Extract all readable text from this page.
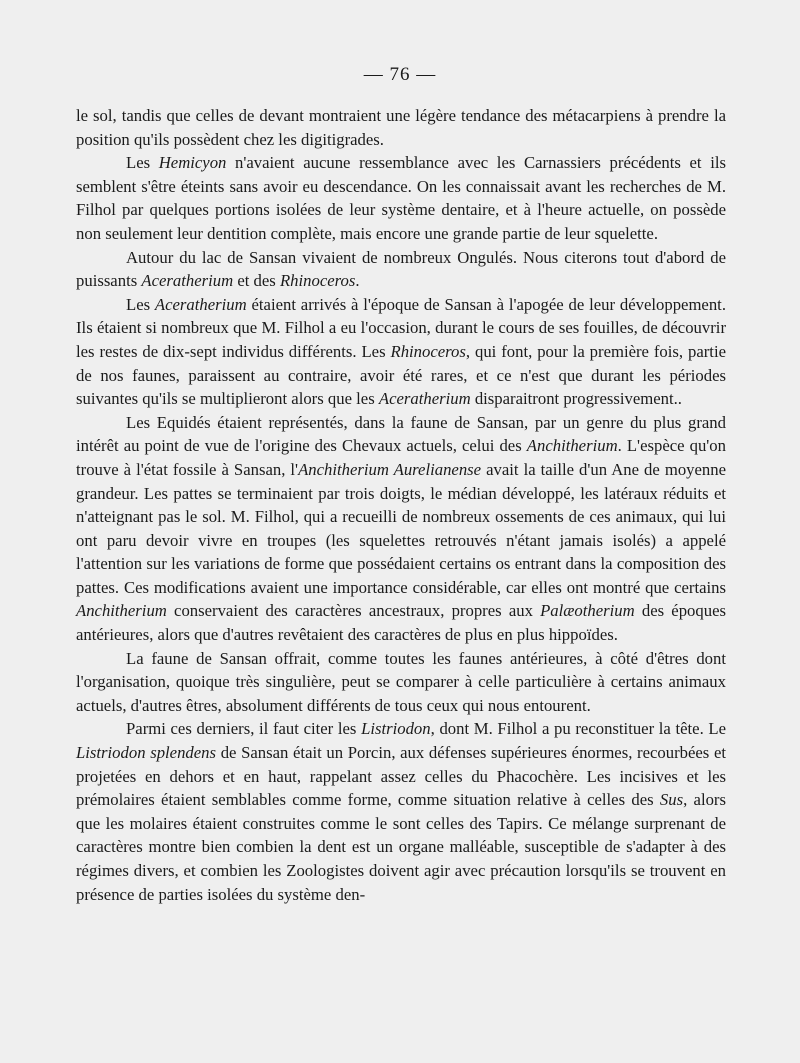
— 76 —

le sol, tandis que celles de devant montraient une légère tendance des métacarpiens à prendre la position qu'ils possèdent chez les digitigrades.

Les Hemicyon n'avaient aucune ressemblance avec les Carnassiers précédents et ils semblent s'être éteints sans avoir eu descendance. On les connaissait avant les recherches de M. Filhol par quelques portions isolées de leur système dentaire, et à l'heure actuelle, on possède non seulement leur dentition complète, mais encore une grande partie de leur squelette.

Autour du lac de Sansan vivaient de nombreux Ongulés. Nous citerons tout d'abord de puissants Aceratherium et des Rhinoceros.

Les Aceratherium étaient arrivés à l'époque de Sansan à l'apogée de leur développement. Ils étaient si nombreux que M. Filhol a eu l'occasion, durant le cours de ses fouilles, de découvrir les restes de dix-sept individus différents. Les Rhinoceros, qui font, pour la première fois, partie de nos faunes, paraissent au contraire, avoir été rares, et ce n'est que durant les périodes suivantes qu'ils se multiplieront alors que les Aceratherium disparaitront progressivement..

Les Equidés étaient représentés, dans la faune de Sansan, par un genre du plus grand intérêt au point de vue de l'origine des Chevaux actuels, celui des Anchitherium. L'espèce qu'on trouve à l'état fossile à Sansan, l'Anchitherium Aurelianense avait la taille d'un Ane de moyenne grandeur. Les pattes se terminaient par trois doigts, le médian développé, les latéraux réduits et n'atteignant pas le sol. M. Filhol, qui a recueilli de nombreux ossements de ces animaux, qui lui ont paru devoir vivre en troupes (les squelettes retrouvés n'étant jamais isolés) a appelé l'attention sur les variations de forme que possédaient certains os entrant dans la composition des pattes. Ces modifications avaient une importance considérable, car elles ont montré que certains Anchitherium conservaient des caractères ancestraux, propres aux Palæotherium des époques antérieures, alors que d'autres revêtaient des caractères de plus en plus hippoïdes.

La faune de Sansan offrait, comme toutes les faunes antérieures, à côté d'êtres dont l'organisation, quoique très singulière, peut se comparer à celle particulière à certains animaux actuels, d'autres êtres, absolument différents de tous ceux qui nous entourent.

Parmi ces derniers, il faut citer les Listriodon, dont M. Filhol a pu reconstituer la tête. Le Listriodon splendens de Sansan était un Porcin, aux défenses supérieures énormes, recourbées et projetées en dehors et en haut, rappelant assez celles du Phacochère. Les incisives et les prémolaires étaient semblables comme forme, comme situation relative à celles des Sus, alors que les molaires étaient construites comme le sont celles des Tapirs. Ce mélange surprenant de caractères montre bien combien la dent est un organe malléable, susceptible de s'adapter à des régimes divers, et combien les Zoologistes doivent agir avec précaution lorsqu'ils se trouvent en présence de parties isolées du système den-
